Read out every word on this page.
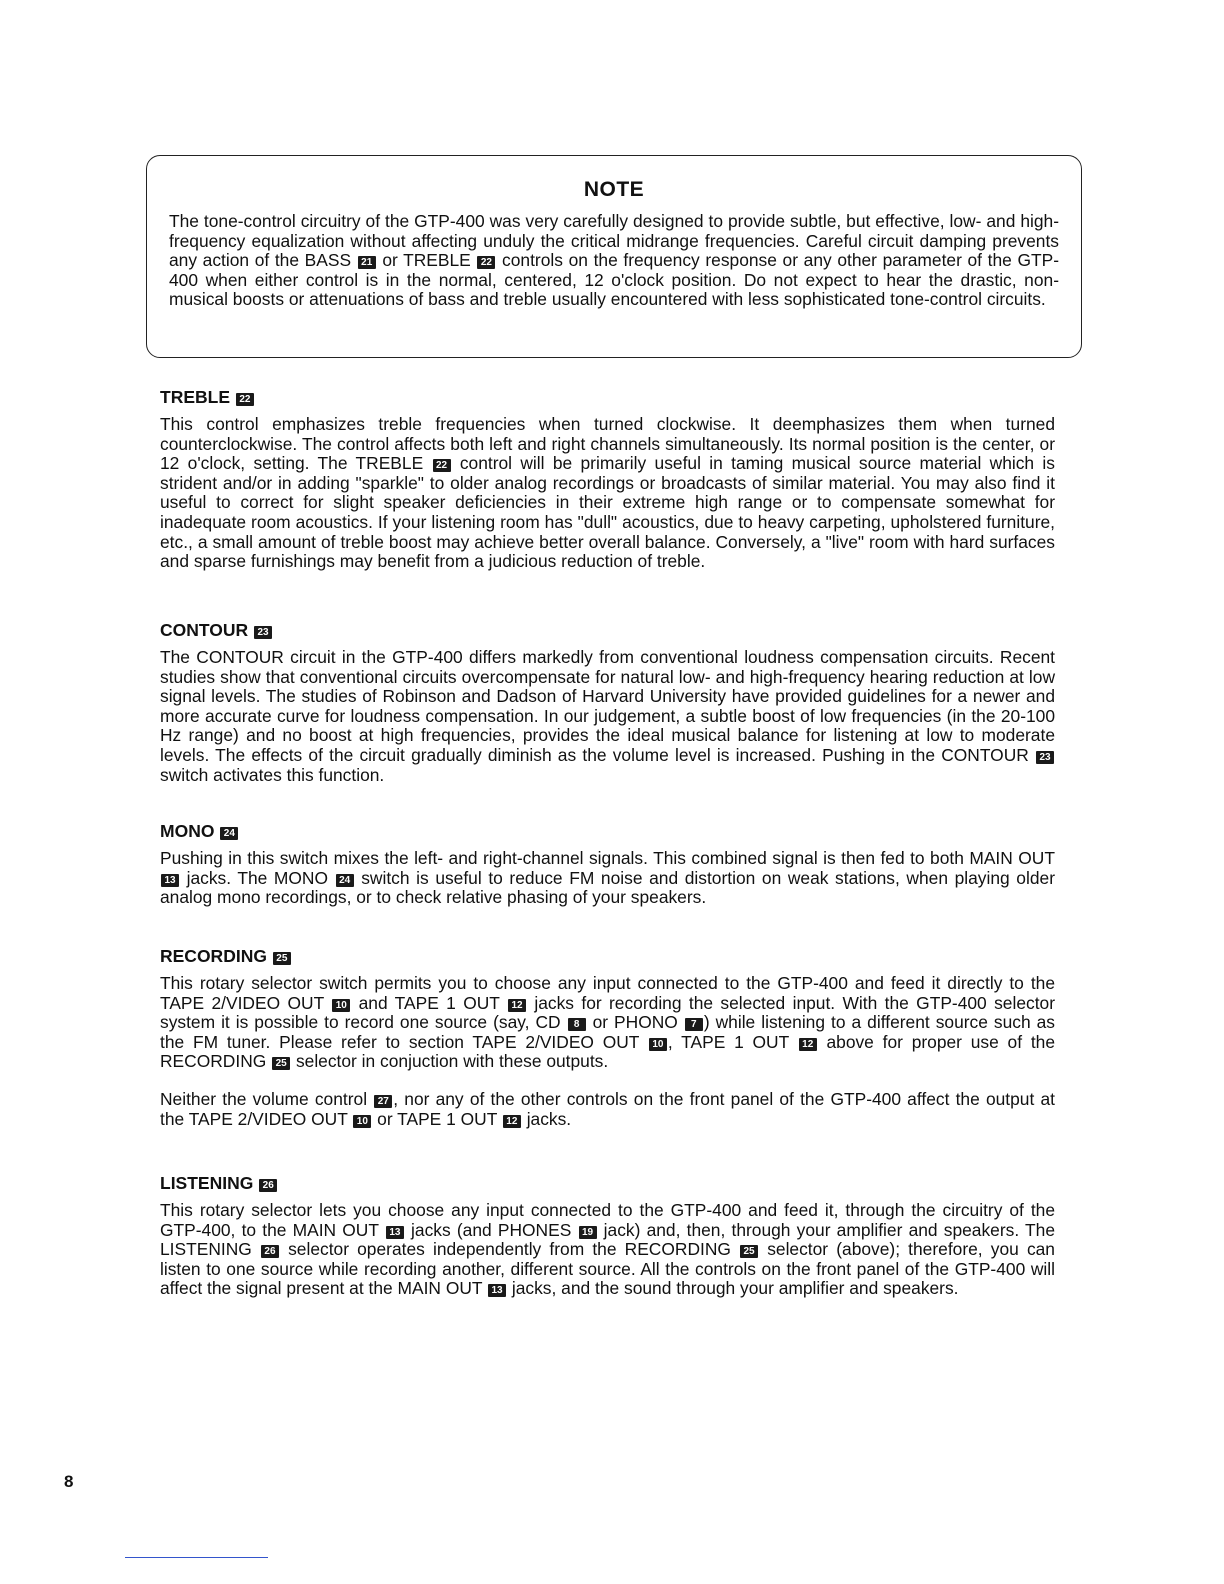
NOTE

The tone-control circuitry of the GTP-400 was very carefully designed to provide subtle, but effective, low- and high-frequency equalization without affecting unduly the critical midrange frequencies. Careful circuit damping prevents any action of the BASS 21 or TREBLE 22 controls on the frequency response or any other parameter of the GTP-400 when either control is in the normal, centered, 12 o'clock position. Do not expect to hear the drastic, non-musical boosts or attenuations of bass and treble usually encountered with less sophisticated tone-control circuits.

TREBLE 22

This control emphasizes treble frequencies when turned clockwise. It deemphasizes them when turned counterclockwise. The control affects both left and right channels simultaneously. Its normal position is the center, or 12 o'clock, setting. The TREBLE 22 control will be primarily useful in taming musical source material which is strident and/or in adding "sparkle" to older analog recordings or broadcasts of similar material. You may also find it useful to correct for slight speaker deficiencies in their extreme high range or to compensate somewhat for inadequate room acoustics. If your listening room has "dull" acoustics, due to heavy carpeting, upholstered furniture, etc., a small amount of treble boost may achieve better overall balance. Conversely, a "live" room with hard surfaces and sparse furnishings may benefit from a judicious reduction of treble.

CONTOUR 23

The CONTOUR circuit in the GTP-400 differs markedly from conventional loudness compensation circuits. Recent studies show that conventional circuits overcompensate for natural low- and high-frequency hearing reduction at low signal levels. The studies of Robinson and Dadson of Harvard University have provided guidelines for a newer and more accurate curve for loudness compensation. In our judgement, a subtle boost of low frequencies (in the 20-100 Hz range) and no boost at high frequencies, provides the ideal musical balance for listening at low to moderate levels. The effects of the circuit gradually diminish as the volume level is increased. Pushing in the CONTOUR 23 switch activates this function.

MONO 24

Pushing in this switch mixes the left- and right-channel signals. This combined signal is then fed to both MAIN OUT 13 jacks. The MONO 24 switch is useful to reduce FM noise and distortion on weak stations, when playing older analog mono recordings, or to check relative phasing of your speakers.

RECORDING 25

This rotary selector switch permits you to choose any input connected to the GTP-400 and feed it directly to the TAPE 2/VIDEO OUT 10 and TAPE 1 OUT 12 jacks for recording the selected input. With the GTP-400 selector system it is possible to record one source (say, CD 8 or PHONO 7 ) while listening to a different source such as the FM tuner. Please refer to section TAPE 2/VIDEO OUT 10 , TAPE 1 OUT 12 above for proper use of the RECORDING 25 selector in conjuction with these outputs.

Neither the volume control 27 , nor any of the other controls on the front panel of the GTP-400 affect the output at the TAPE 2/VIDEO OUT 10 or TAPE 1 OUT 12 jacks.

LISTENING 26

This rotary selector lets you choose any input connected to the GTP-400 and feed it, through the circuitry of the GTP-400, to the MAIN OUT 13 jacks (and PHONES 19 jack) and, then, through your amplifier and speakers. The LISTENING 26 selector operates independently from the RECORDING 25 selector (above); therefore, you can listen to one source while recording another, different source. All the controls on the front panel of the GTP-400 will affect the signal present at the MAIN OUT 13 jacks, and the sound through your amplifier and speakers.

8
